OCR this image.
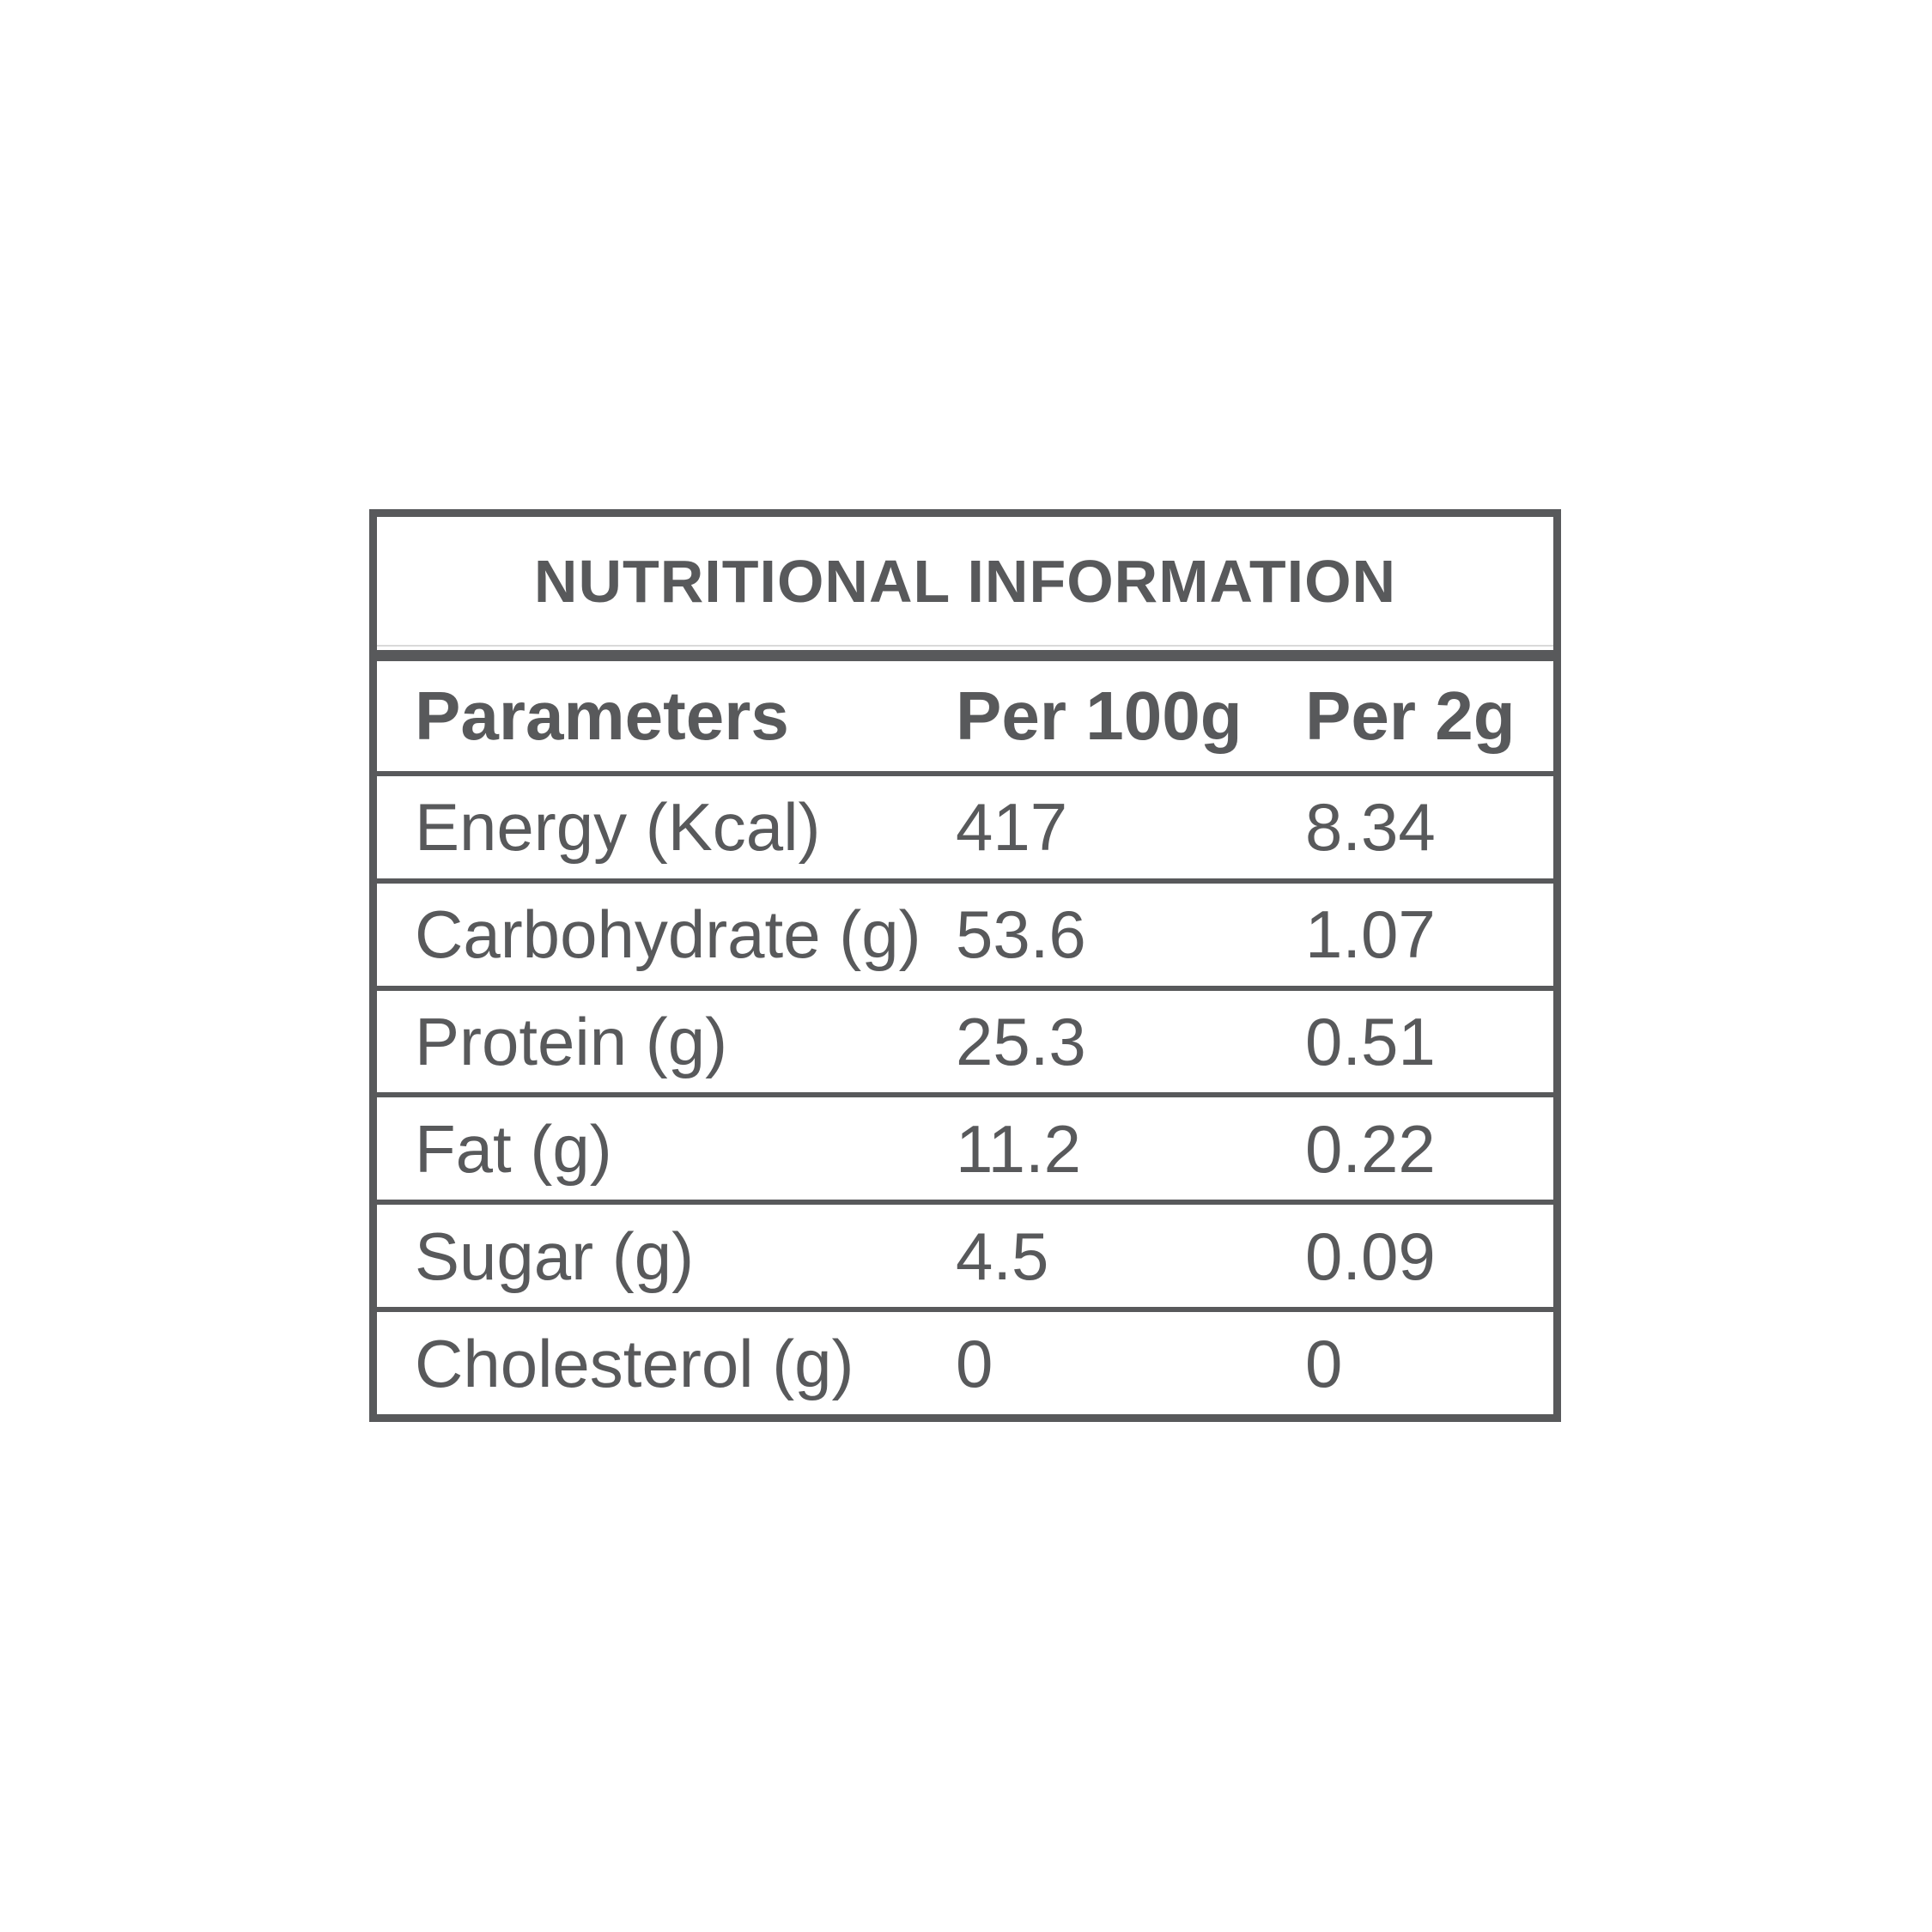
NUTRITIONAL INFORMATION
Parameters	Per 100g Per 2g
Energy (Kcal)	417	8.34
Carbohydrate (g) 53.6	1.07
Protein (g)	25.3	0.51
Fat (g)	11.2	0.22
Sugar (g)	4.5	0.09
Cholesterol (g)	0	0
